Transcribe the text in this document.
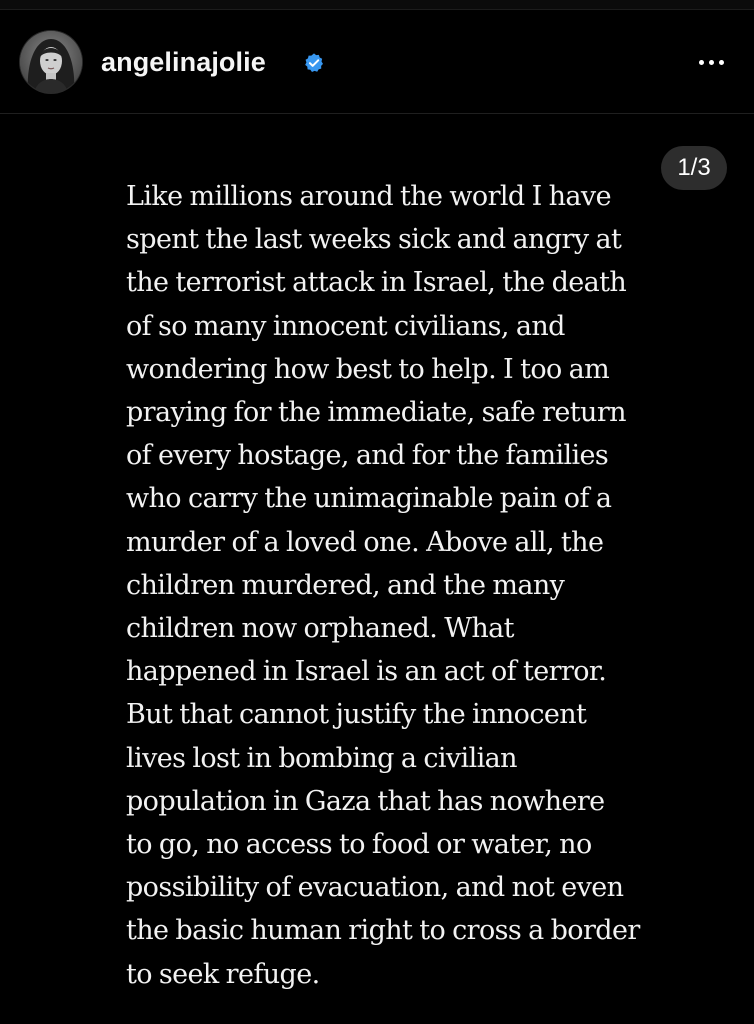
angelinajolie
1/3
Like millions around the world I have
spent the last weeks sick and angry at
the terrorist attack in Israel, the death
of so many innocent civilians, and
wondering how best to help. I too am
praying for the immediate, safe return
of every hostage, and for the families
who carry the unimaginable pain of a
murder of a loved one. Above all, the
children murdered, and the many
children now orphaned. What
happened in Israel is an act of terror.
But that cannot justify the innocent
lives lost in bombing a civilian
population in Gaza that has nowhere
to go, no access to food or water, no
possibility of evacuation, and not even
the basic human right to cross a border
to seek refuge.
